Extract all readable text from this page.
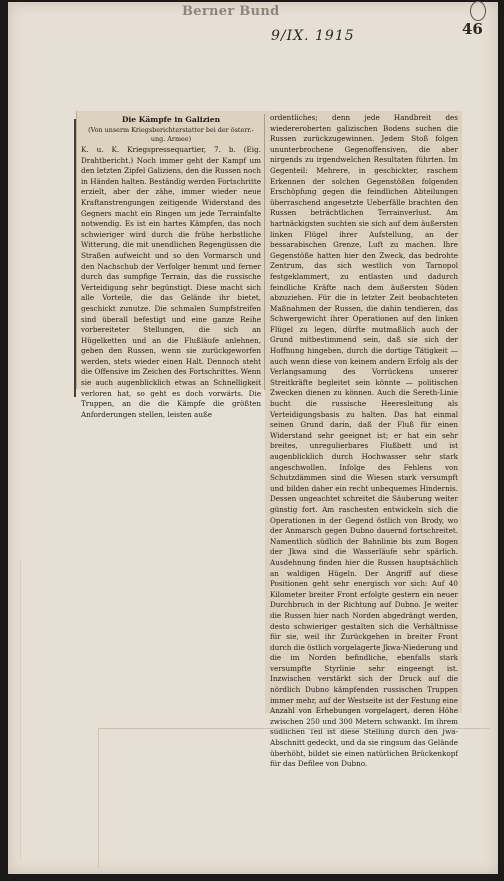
Berner Bund
46
9/IX. 1915

Die Kämpfe in Galizien

(Von unserm Kriegsberichterstatter bei der österr.-ung. Armee)

K. u. K. Kriegspressequartier, 7. b. (Eig. Drahtbericht.) Noch immer geht der Kampf um den letzten Zipfel Galiziens, den die Russen noch in Händen halten. Beständig werden Fortschritte erzielt, aber der zähe, immer wieder neue Kraftanstrengungen zeitigende Widerstand des Gegners macht ein Ringen um jede Terrainfalte notwendig. Es ist ein hartes Kämpfen, das noch schwieriger wird durch die frühe herbstliche Witterung, die mit unendlichen Regengüssen die Straßen aufweicht und so den Vormarsch und den Nachschub der Verfolger hemmt und ferner durch das sumpfige Terrain, das die russische Verteidigung sehr begünstigt. Diese macht sich alle Vorteile, die das Gelände ihr bietet, geschickt zunutze. Die schmalen Sumpfstreifen sind überall befestigt und eine ganze Reihe vorbereiteter Stellungen, die sich an Hügelketten und an die Flußläufe anlehnen, geben den Russen, wenn sie zurückgeworfen werden, stets wieder einen Halt. Dennoch steht die Offensive im Zeichen des Fortschrittes. Wenn sie auch augenblicklich etwas an Schnelligkeit verloren hat, so geht es doch vorwärts. Die Truppen, an die die Kämpfe die größten Anforderungen stellen, leisten auße

ordentliches; denn jede Handbreit des wiedereroberten galizischen Bodens suchen die Russen zurückzugewinnen. Jedem Stoß folgen ununterbrochene Gegenoffensiven, die aber nirgends zu irgendwelchen Resultaten führten. Im Gegenteil: Mehrere, in geschickter, raschem Erkennen der solchen Gegenstößen folgenden Erschöpfung gegen die feindlichen Abteilungen überraschend angesetzte Ueberfälle brachten den Russen beträchtlichen Terrainverlust. Am hartnäckigsten suchten sie sich auf dem äußersten linken Flügel ihrer Aufstellung, an der bessarabischen Grenze, Luft zu machen. Ihre Gegenstöße hatten hier den Zweck, das bedrohte Zentrum, das sich westlich von Tarnopol festgeklammert, zu entlasten und dadurch feindliche Kräfte nach dem äußersten Süden abzuziehen. Für die in letzter Zeit beobachteten Maßnahmen der Russen, die dahin tendieren, das Schwergewicht ihrer Operationen auf den linken Flügel zu legen, dürfte mutmaßlich auch der Grund mitbestimmend sein, daß sie sich der Hoffnung hingeben, durch die dortige Tätigkeit — auch wenn diese von keinem andern Erfolg als der Verlangsamung des Vorrückens unserer Streitkräfte begleitet sein könnte — politischen Zwecken dienen zu können. Auch die Sereth-Linie bucht die russische Heeresleitung als Verteidigungsbasis zu halten. Das hat einmal seinen Grund darin, daß der Fluß für einen Widerstand sehr geeignet ist; er hat ein sehr breites, unregulierbares Flußbett und ist augenblicklich durch Hochwasser sehr stark angeschwollen. Infolge des Fehlens von Schutzdämmen sind die Wiesen stark versumpft und bilden daher ein recht unbequemes Hindernis. Dessen ungeachtet schreitet die Säuberung weiter günstig fort. Am raschesten entwickeln sich die Operationen in der Gegend östlich von Brody, wo der Anmarsch gegen Dubno dauernd fortschreitet. Namentlich südlich der Bahnlinie bis zum Bogen der Jkwa sind die Wasserläufe sehr spärlich. Ausdehnung finden hier die Russen hauptsächlich an waldigen Hügeln. Der Angriff auf diese Positionen geht sehr energisch vor sich: Auf 40 Kilometer breiter Front erfolgte gestern ein neuer Durchbruch in der Richtung auf Dubno. Je weiter die Russen hier nach Norden abgedrängt werden, desto schwieriger gestalten sich die Verhältnisse für sie, weil ihr Zurückgehen in breiter Front durch die östlich vorgelagerte Jkwa-Niederung und die im Norden befindliche, ebenfalls stark versumpfte Styrlinie sehr eingeengt ist. Inzwischen verstärkt sich der Druck auf die nördlich Dubno kämpfenden russischen Truppen immer mehr, auf der Westseite ist der Festung eine Anzahl von Erhebungen vorgelagert, deren Höhe zwischen 250 und 300 Metern schwankt. Im ihrem südlichen Teil ist diese Stellung durch den Jwa-Abschnitt gedeckt, und da sie ringsum das Gelände überhöht, bildet sie einen natürlichen Brückenkopf für das Defilee von Dubno.
